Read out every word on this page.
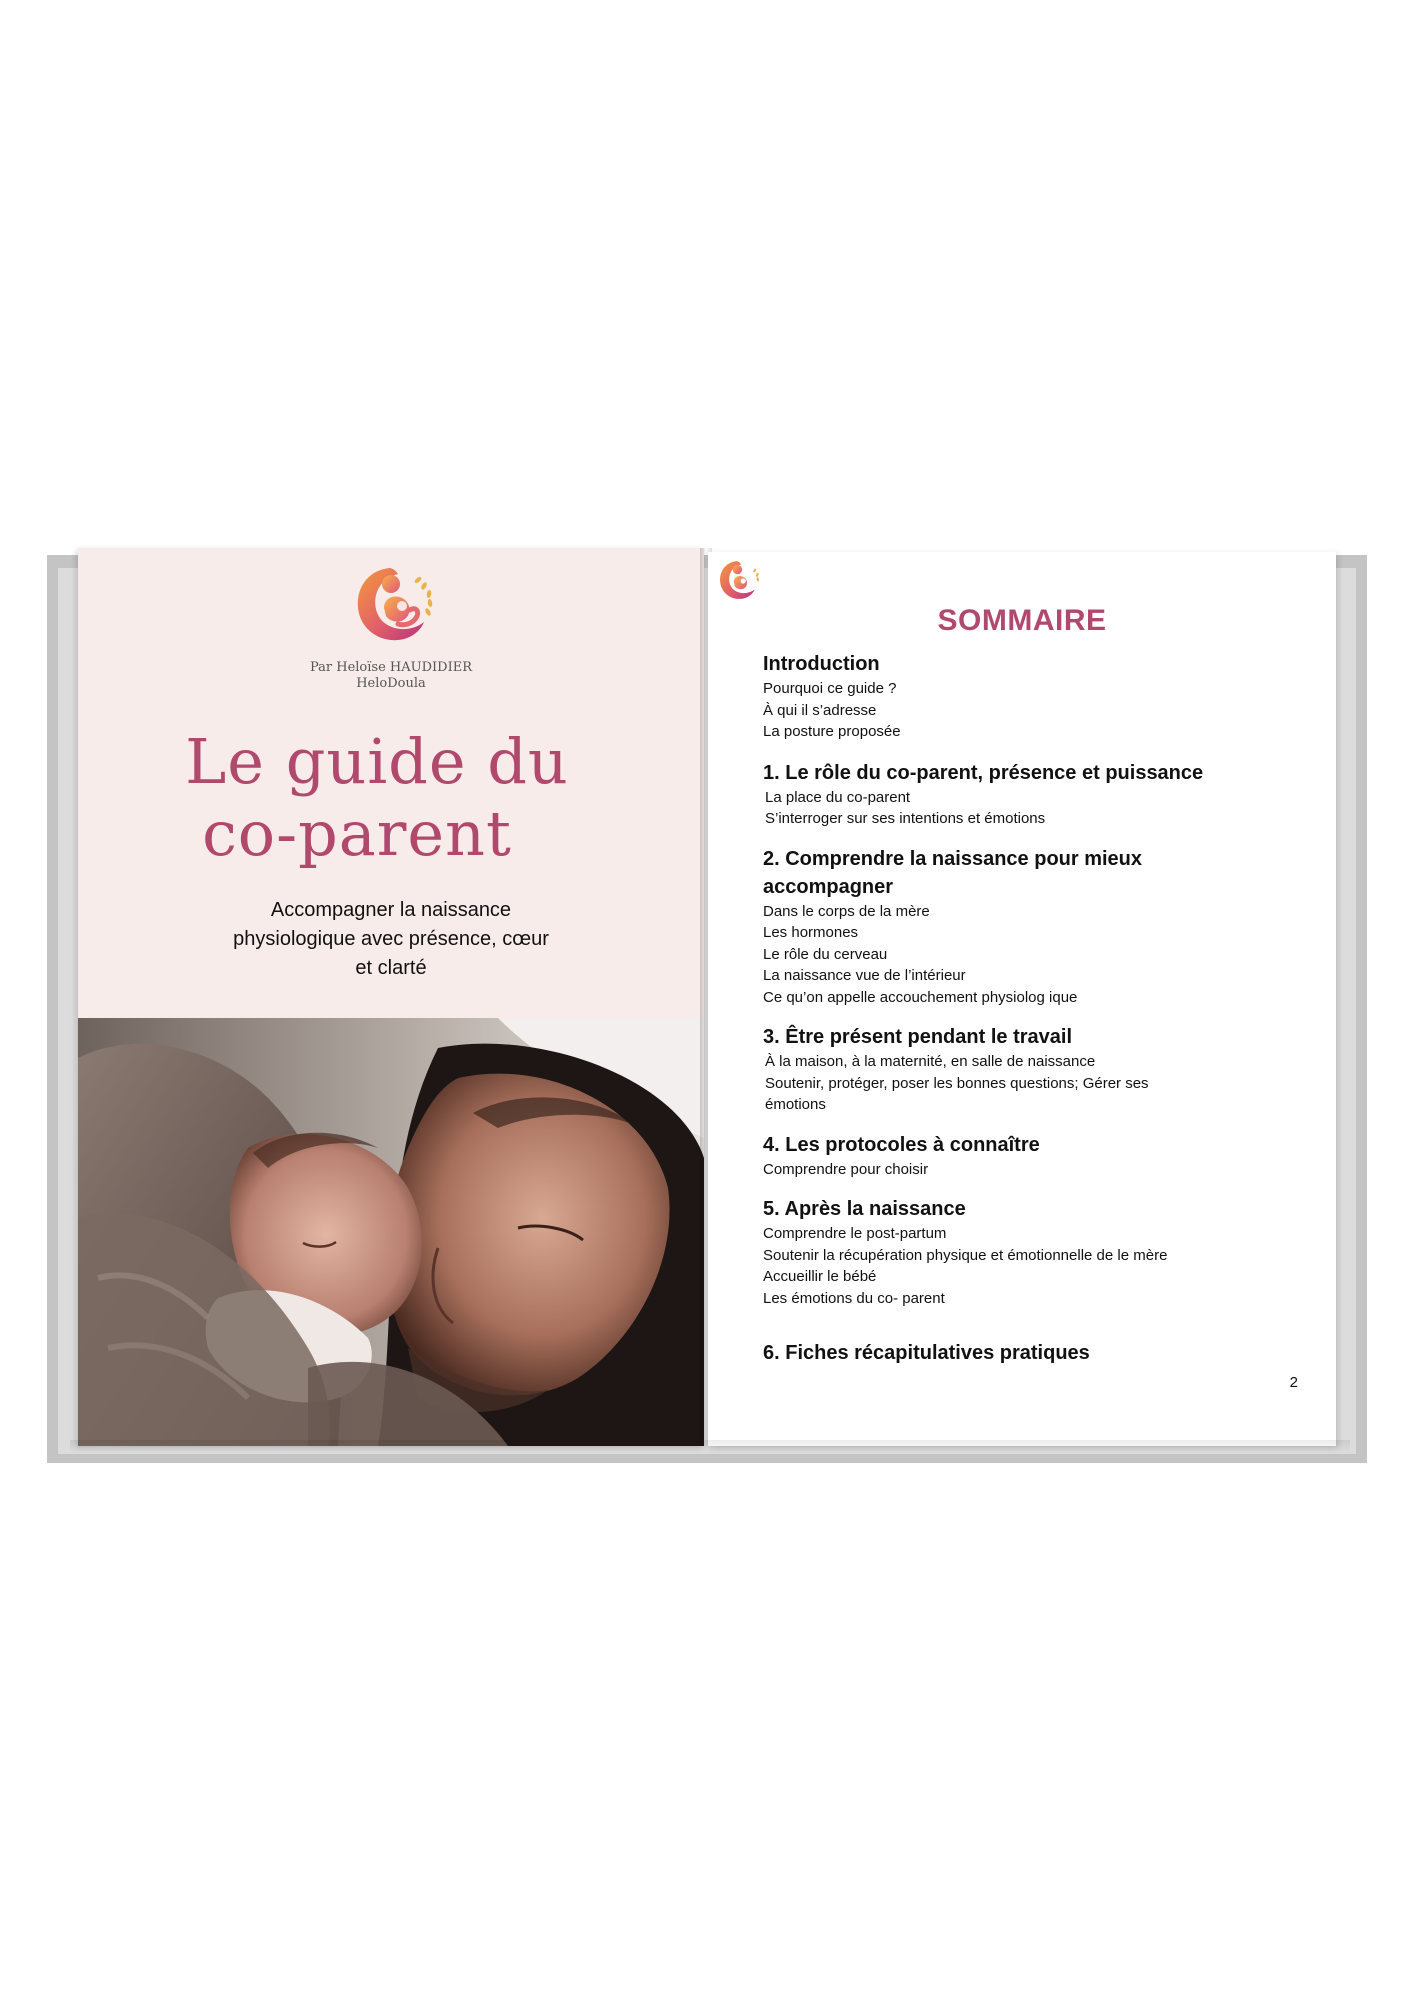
Par Heloïse HAUDIDIER
HeloDoula
Le guide du
co-parent
Accompagner la naissance
physiologique avec présence, cœur
et clarté
SOMMAIRE

Introduction

Pourquoi ce guide ?

À qui il s’adresse

La posture proposée

1. Le rôle du co-parent, présence et puissance

La place du co-parent

S’interroger sur ses intentions et émotions

2. Comprendre la naissance pour mieux

accompagner

Dans le corps de la mère

Les hormones

Le rôle du cerveau

La naissance vue de l’intérieur

Ce qu’on appelle accouchement physiolog ique

3. Être présent pendant le travail

À la maison, à la maternité, en salle de naissance

Soutenir, protéger, poser les bonnes questions; Gérer ses

émotions

4. Les protocoles à connaître

Comprendre pour choisir

5. Après la naissance

Comprendre le post-partum

Soutenir la récupération physique et émotionnelle de le mère

Accueillir le bébé

Les émotions du co- parent

6. Fiches récapitulatives pratiques

2
